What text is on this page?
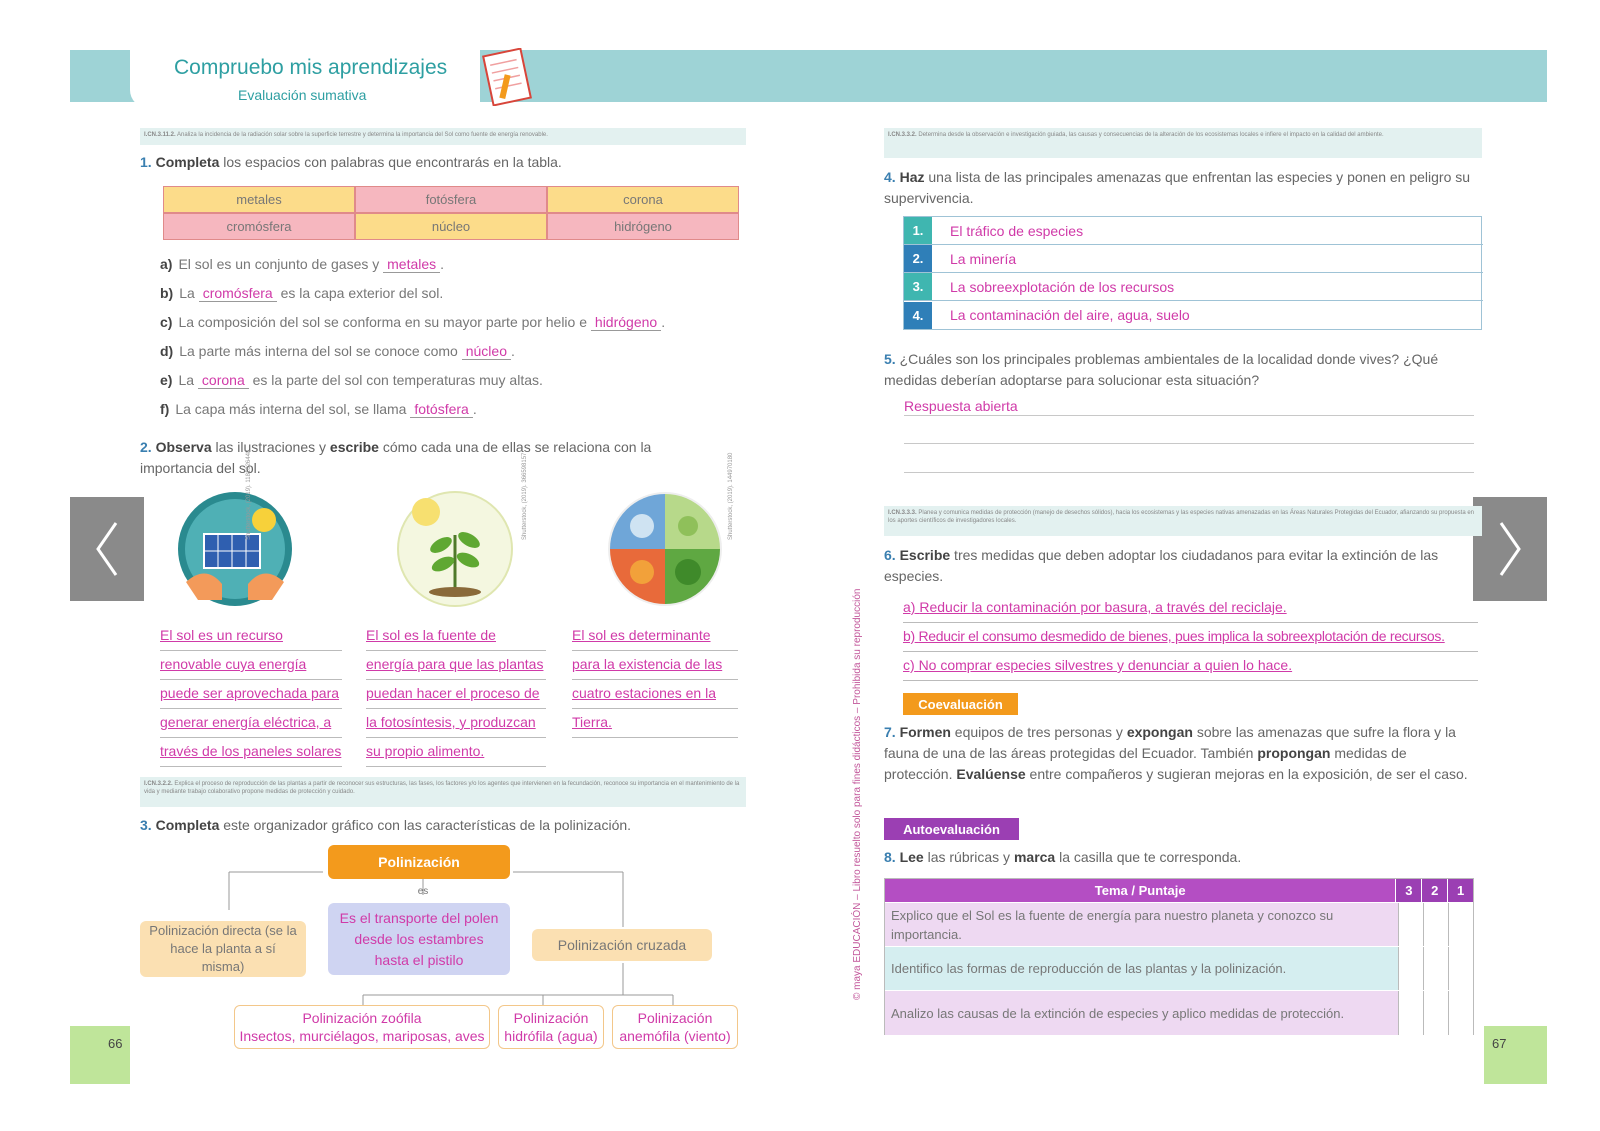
Compruebo mis aprendizajes
Evaluación sumativa
66	67
I.CN.3.11.2. Analiza la incidencia de la radiación solar sobre la superficie terrestre y determina la importancia del Sol como fuente de energía renovable.
1. Completa los espacios con palabras que encontrarás en la tabla.
metales	fotósfera	corona
cromósfera	núcleo	hidrógeno
a) El sol es un conjunto de gases y metales .
b) La cromósfera es la capa exterior del sol.
c) La composición del sol se conforma en su mayor parte por helio e hidrógeno .
d) La parte más interna del sol se conoce como núcleo .
e) La corona es la parte del sol con temperaturas muy altas.
f) La capa más interna del sol, se llama fotósfera .
2. Observa las ilustraciones y escribe cómo cada una de ellas se relaciona con la importancia del sol.
Shutterstock, (2019). 1181826448	Shutterstock, (2019). 366598157	Shutterstock, (2019). 144970180
El sol es un recurso
renovable cuya energía
puede ser aprovechada para
generar energía eléctrica, a
través de los paneles solares
El sol es la fuente de
energía para que las plantas
puedan hacer el proceso de
la fotosíntesis, y produzcan
su propio alimento.
El sol es determinante
para la existencia de las
cuatro estaciones en la
Tierra.
I.CN.3.2.2. Explica el proceso de reproducción de las plantas a partir de reconocer sus estructuras, las fases, los factores y/o los agentes que intervienen en la fecundación, reconoce su importancia en el mantenimiento de la vida y mediante trabajo colaborativo propone medidas de protección y cuidado.
3. Completa este organizador gráfico con las características de la polinización.
Polinización
es
Es el transporte del polen desde los estambres hasta el pistilo
Polinización directa (se la hace la planta a sí misma)
Polinización cruzada
Polinización zoófila
Insectos, murciélagos, mariposas, aves
Polinización
hidrófila (agua)
Polinización
anemófila (viento)
© maya EDUCACIÓN – Libro resuelto solo para fines didácticos – Prohibida su reproducción
I.CN.3.3.2. Determina desde la observación e investigación guiada, las causas y consecuencias de la alteración de los ecosistemas locales e infiere el impacto en la calidad del ambiente.
4. Haz una lista de las principales amenazas que enfrentan las especies y ponen en peligro su supervivencia.
1.	El tráfico de especies
2.	La minería
3.	La sobreexplotación de los recursos
4.	La contaminación del aire, agua, suelo
5. ¿Cuáles son los principales problemas ambientales de la localidad donde vives? ¿Qué medidas deberían adoptarse para solucionar esta situación?
Respuesta abierta
I.CN.3.3.3. Planea y comunica medidas de protección (manejo de desechos sólidos), hacia los ecosistemas y las especies nativas amenazadas en las Áreas Naturales Protegidas del Ecuador, afianzando su propuesta en los aportes científicos de investigadores locales.
6. Escribe tres medidas que deben adoptar los ciudadanos para evitar la extinción de las especies.
a) Reducir la contaminación por basura, a través del reciclaje.
b) Reducir el consumo desmedido de bienes, pues implica la sobreexplotación de recursos.
c) No comprar especies silvestres y denunciar a quien lo hace.
Coevaluación
7. Formen equipos de tres personas y expongan sobre las amenazas que sufre la flora y la fauna de una de las áreas protegidas del Ecuador. También propongan medidas de protección. Evalúense entre compañeros y sugieran mejoras en la exposición, de ser el caso.
Autoevaluación
8. Lee las rúbricas y marca la casilla que te corresponda.
Tema / Puntaje	3	2	1
Explico que el Sol es la fuente de energía para nuestro planeta y conozco su importancia.
Identifico las formas de reproducción de las plantas y la polinización.
Analizo las causas de la extinción de especies y aplico medidas de protección.
